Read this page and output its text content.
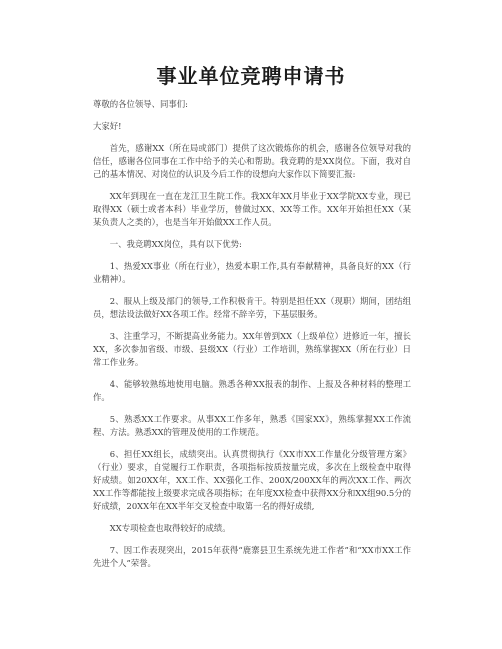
事业单位竞聘申请书

尊敬的各位领导、同事们:

大家好!

首先，感谢XX（所在局或部门）提供了这次锻炼你的机会，感谢各位领导对我的信任，感谢各位同事在工作中给予的关心和帮助。我竞聘的是XX岗位。下面，我对自己的基本情况、对岗位的认识及今后工作的设想向大家作以下简要汇报:

XX年到现在一直在龙江卫生院工作。我XX年XX月毕业于XX学院XX专业，现已取得XX（硕士或者本科）毕业学历，曾做过XX、XX等工作。XX年开始担任XX（某某负责人之类的），也是当年开始做XX工作人员。

一、我竞聘XX岗位，具有以下优势:

1、热爱XX事业（所在行业），热爱本职工作,具有奉献精神，具备良好的XX（行业精神）。

2、服从上级及部门的领导,工作积极肯干。特别是担任XX（现职）期间，团结组员，想法设法做好XX各项工作。经常不辞辛劳，下基层服务。

3、注重学习，不断提高业务能力。XX年曾到XX（上级单位）进修近一年，擅长XX，多次参加省级、市级、县级XX（行业）工作培训，熟练掌握XX（所在行业）日常工作业务。

4、能够较熟练地使用电脑。熟悉各种XX报表的制作、上报及各种材料的整理工作。

5、熟悉XX工作要求。从事XX工作多年，熟悉《国家XX》，熟练掌握XX工作流程、方法。熟悉XX的管理及使用的工作规范。

6、担任XX组长，成绩突出。认真贯彻执行《XX市XX工作量化分级管理方案》（行业）要求，自觉履行工作职责，各项指标按质按量完成，多次在上级检查中取得好成绩。如20XX年，XX工作、XX强化工作、200X/200XX年的两次XX工作、两次XX工作等都能按上级要求完成各项指标；在年度XX检查中获得XX分和XX组90.5分的好成绩，20XX年在XX半年交叉检查中取第一名的得好成绩,

XX专项检查也取得较好的成绩。

7、因工作表现突出，2015年获得“鹿寨县卫生系统先进工作者”和“XX市XX工作先进个人”荣誉。
